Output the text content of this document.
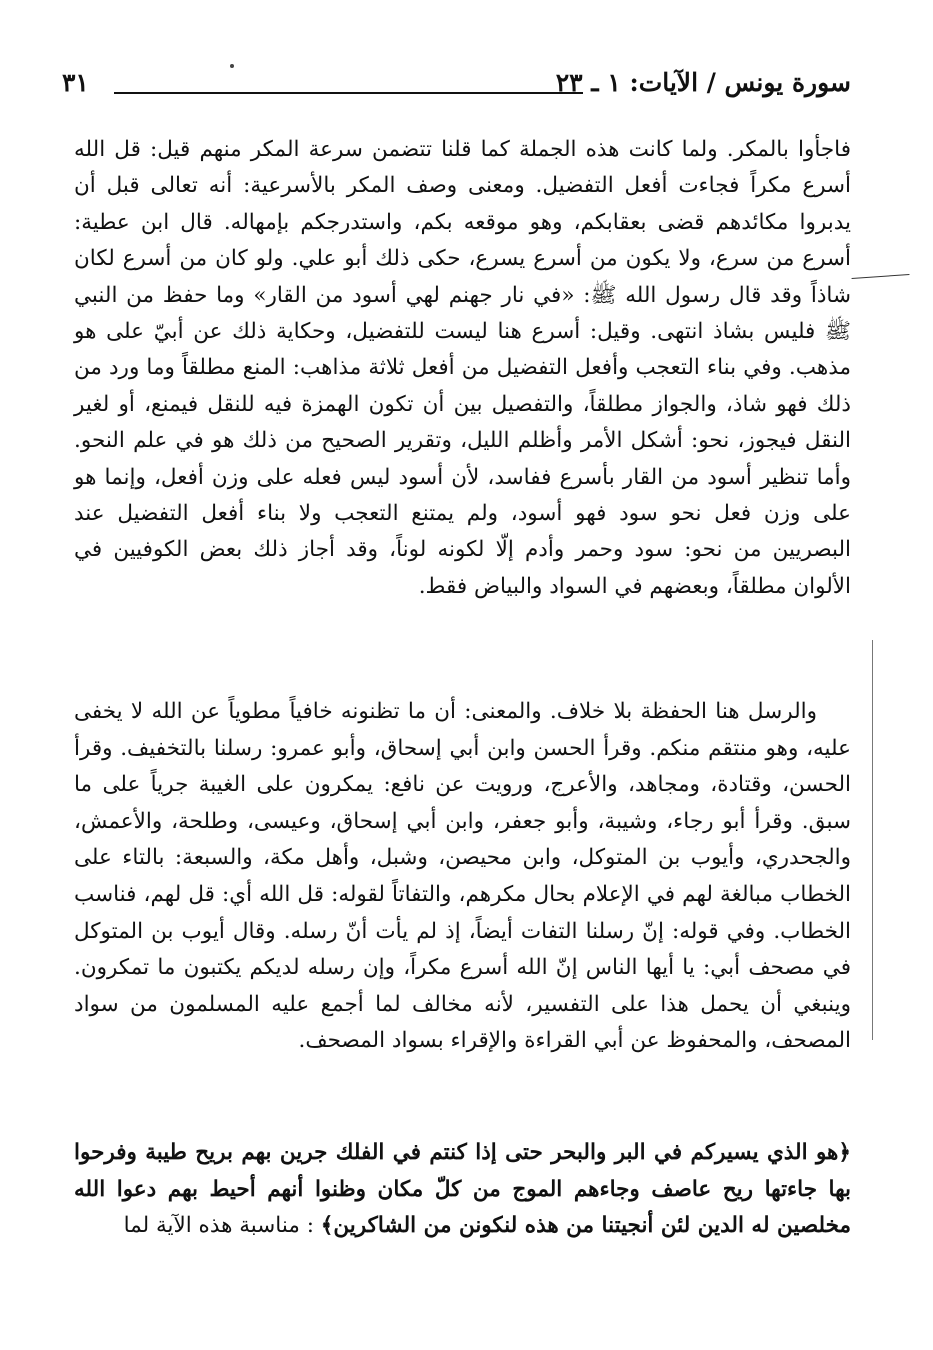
سورة يونس / الآيات: ١ ـ ٢٣
٣١

فاجأوا بالمكر. ولما كانت هذه الجملة كما قلنا تتضمن سرعة المكر منهم قيل: قل الله أسرع مكراً فجاءت أفعل التفضيل. ومعنى وصف المكر بالأسرعية: أنه تعالى قبل أن يدبروا مكائدهم قضى بعقابكم، وهو موقعه بكم، واستدرجكم بإمهاله. قال ابن عطية: أسرع من سرع، ولا يكون من أسرع يسرع، حكى ذلك أبو علي. ولو كان من أسرع لكان شاذاً وقد قال رسول الله ﷺ: «في نار جهنم لهي أسود من القار» وما حفظ من النبي ﷺ فليس بشاذ انتهى. وقيل: أسرع هنا ليست للتفضيل، وحكاية ذلك عن أبيّ على هو مذهب. وفي بناء التعجب وأفعل التفضيل من أفعل ثلاثة مذاهب: المنع مطلقاً وما ورد من ذلك فهو شاذ، والجواز مطلقاً، والتفصيل بين أن تكون الهمزة فيه للنقل فيمنع، أو لغير النقل فيجوز، نحو: أشكل الأمر وأظلم الليل، وتقرير الصحيح من ذلك هو في علم النحو. وأما تنظير أسود من القار بأسرع ففاسد، لأن أسود ليس فعله على وزن أفعل، وإنما هو على وزن فعل نحو سود فهو أسود، ولم يمتنع التعجب ولا بناء أفعل التفضيل عند البصريين من نحو: سود وحمر وأدم إلّا لكونه لوناً، وقد أجاز ذلك بعض الكوفيين في الألوان مطلقاً، وبعضهم في السواد والبياض فقط.

والرسل هنا الحفظة بلا خلاف. والمعنى: أن ما تظنونه خافياً مطوياً عن الله لا يخفى عليه، وهو منتقم منكم. وقرأ الحسن وابن أبي إسحاق، وأبو عمرو: رسلنا بالتخفيف. وقرأ الحسن، وقتادة، ومجاهد، والأعرج، ورويت عن نافع: يمكرون على الغيبة جرياً على ما سبق. وقرأ أبو رجاء، وشيبة، وأبو جعفر، وابن أبي إسحاق، وعيسى، وطلحة، والأعمش، والجحدري، وأيوب بن المتوكل، وابن محيصن، وشبل، وأهل مكة، والسبعة: بالتاء على الخطاب مبالغة لهم في الإعلام بحال مكرهم، والتفاتاً لقوله: قل الله أي: قل لهم، فناسب الخطاب. وفي قوله: إنّ رسلنا التفات أيضاً، إذ لم يأت أنّ رسله. وقال أيوب بن المتوكل في مصحف أبي: يا أيها الناس إنّ الله أسرع مكراً، وإن رسله لديكم يكتبون ما تمكرون. وينبغي أن يحمل هذا على التفسير، لأنه مخالف لما أجمع عليه المسلمون من سواد المصحف، والمحفوظ عن أبي القراءة والإقراء بسواد المصحف.

﴿هو الذي يسيركم في البر والبحر حتى إذا كنتم في الفلك جرين بهم بريح طيبة وفرحوا بها جاءتها ريح عاصف وجاءهم الموج من كلّ مكان وظنوا أنهم أحيط بهم دعوا الله مخلصين له الدين لئن أنجيتنا من هذه لنكونن من الشاكرين﴾ : مناسبة هذه الآية لما
